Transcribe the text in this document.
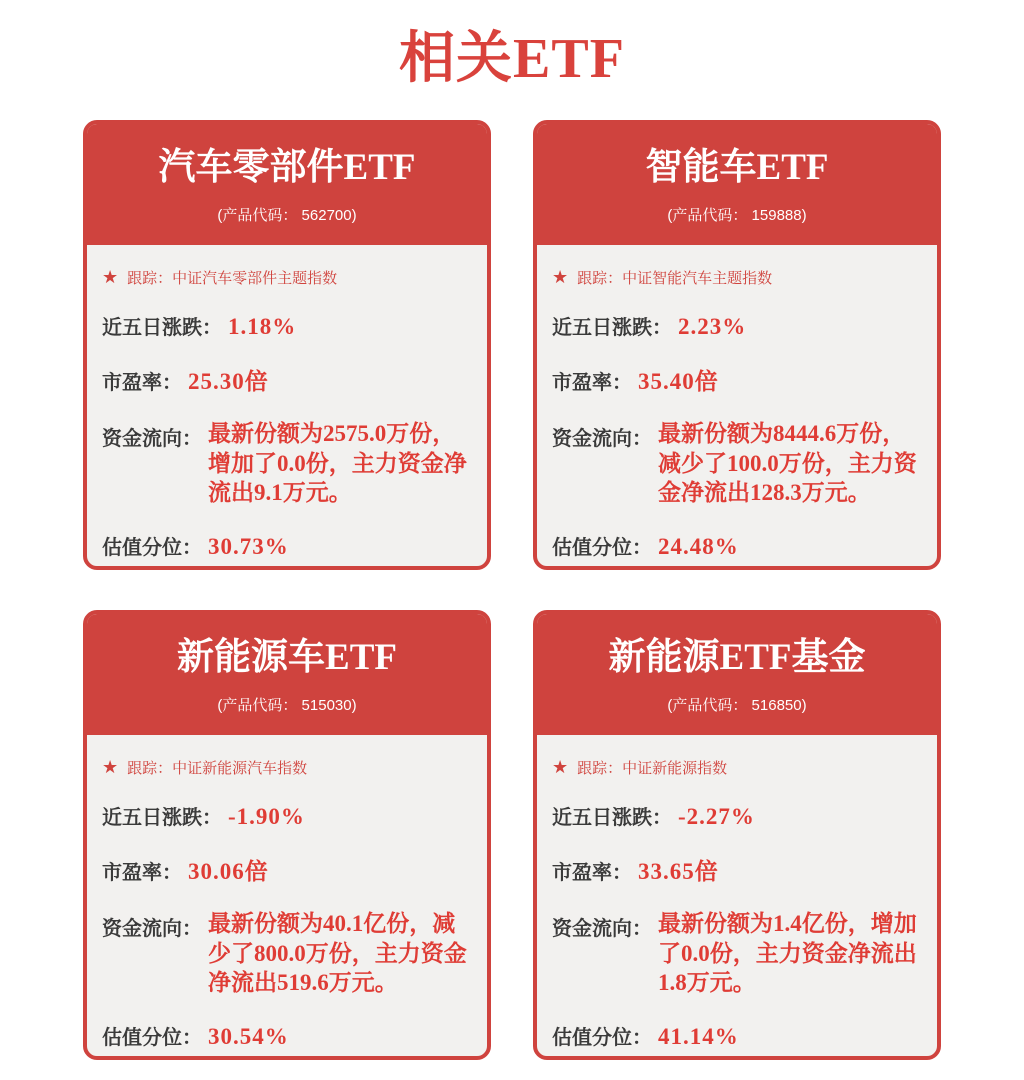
相关ETF
汽车零部件ETF
(产品代码： 562700)
★ 跟踪： 中证汽车零部件主题指数
近五日涨跌： 1.18%
市盈率： 25.30倍
资金流向： 最新份额为2575.0万份，增加了0.0份，主力资金净流出9.1万元。
估值分位： 30.73%
智能车ETF
(产品代码： 159888)
★ 跟踪： 中证智能汽车主题指数
近五日涨跌： 2.23%
市盈率： 35.40倍
资金流向： 最新份额为8444.6万份，减少了100.0万份，主力资金净流出128.3万元。
估值分位： 24.48%
新能源车ETF
(产品代码： 515030)
★ 跟踪： 中证新能源汽车指数
近五日涨跌： -1.90%
市盈率： 30.06倍
资金流向： 最新份额为40.1亿份，减少了800.0万份，主力资金净流出519.6万元。
估值分位： 30.54%
新能源ETF基金
(产品代码： 516850)
★ 跟踪： 中证新能源指数
近五日涨跌： -2.27%
市盈率： 33.65倍
资金流向： 最新份额为1.4亿份，增加了0.0份，主力资金净流出1.8万元。
估值分位： 41.14%
